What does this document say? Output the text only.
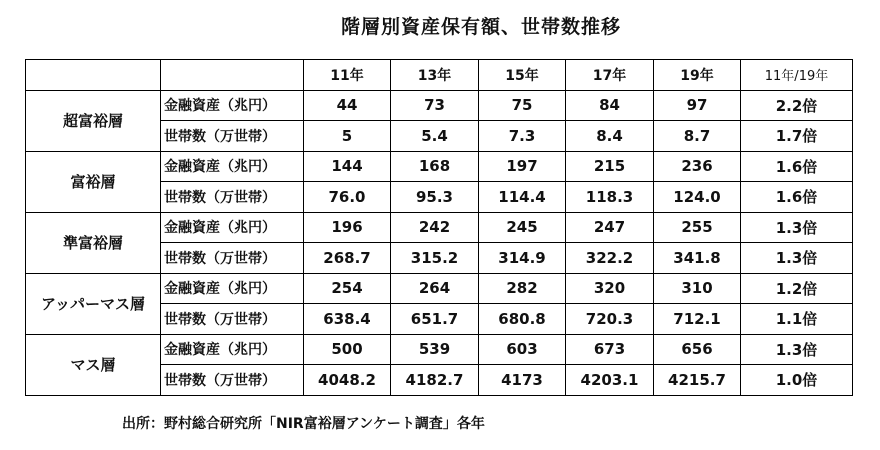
階層別資産保有額、世帯数推移
		11年	13年	15年	17年	19年	11年/19年
超富裕層	金融資産（兆円）	44	73	75	84	97	2.2倍
	世帯数（万世帯）	5	5.4	7.3	8.4	8.7	1.7倍
富裕層	金融資産（兆円）	144	168	197	215	236	1.6倍
	世帯数（万世帯）	76.0	95.3	114.4	118.3	124.0	1.6倍
準富裕層	金融資産（兆円）	196	242	245	247	255	1.3倍
	世帯数（万世帯）	268.7	315.2	314.9	322.2	341.8	1.3倍
アッパーマス層	金融資産（兆円）	254	264	282	320	310	1.2倍
	世帯数（万世帯）	638.4	651.7	680.8	720.3	712.1	1.1倍
マス層	金融資産（兆円）	500	539	603	673	656	1.3倍
	世帯数（万世帯）	4048.2	4182.7	4173	4203.1	4215.7	1.0倍
出所：野村総合研究所「NIR富裕層アンケート調査」各年
